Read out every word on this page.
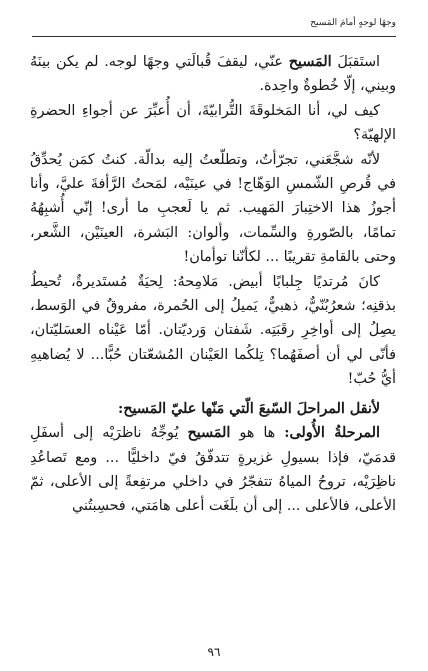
وجهًا لوجهٍ أمامَ المَسيح

استَقبَلَ المَسيح عنّي، ليقفَ قُبالَتي وجهًا لوجه. لم يكن بينَهُ وبيني، إلّا خُطوةٌ واحِدة.

كيف لي، أنا المَخلوقَةَ التُّرابيّةَ، أن أُعبِّرَ عن أجواءِ الحضرةِ الإلهيّة؟

لأنّه شجَّعَني، تجرّأتُ، وتطلّعتُ إليه بدالّة. كنتُ كمَن يُحدِّقُ في قُرصِ الشّمسِ الوَهّاج! في عينَيْه، لمَحتُ الرَّأفةَ عليَّ، وأنا أجوزُ هذا الاختِبارَ المَهيب. ثم يا لَعجبِ ما أرى! إنّي أُشبِهُهُ تمامًا، بالصّورةِ والسِّمات، وألوان: البَشرة، العينَيْن، الشَّعر، وحتى بالقامةِ تقريبًا ... لكأنّنا توأمان!

كانَ مُرتديًا جِلبابًا أبيض. مَلامِحهُ: لِحيَةٌ مُستَديرةٌ، تُحيطُ بذقنِه؛ شعرُبُنّيٌّ، ذهبيٌّ، يَميلُ إلى الحُمرة، مفروقٌ في الوَسط، يصِلُ إلى أواخِرِ رقَبَتِه. شَفتان وَرديّتان. أمّا عَيْناه العسَليّتان، فأنّى لي أن أصفَهُما؟ تِلكُما العَيْنان المُشعّتان حُبًّا... لا يُضاهيهِ أيُّ حُبّ!

لأنقل المراحلَ السّبعَ الّتي مَنّها عليّ المَسيح:

المرحلةُ الأُولى: ها هو المَسيح يُوجِّهُ ناظرَيْه إلى أسفَلِ قدمَيّ، فإذا بسيولِ غزيرةٍ تتدفّقُ فيّ داخليًّا ... ومع تَصاعُدِ ناظِرَيْه، تروحُ المياهُ تتفجّرُ في داخلي مرتفِعةً إلى الأعلى، ثمّ الأعلى، فالأعلى ... إلى أن بلَغَت أعلى هامَتي، فحسِبتُني

٩٦
